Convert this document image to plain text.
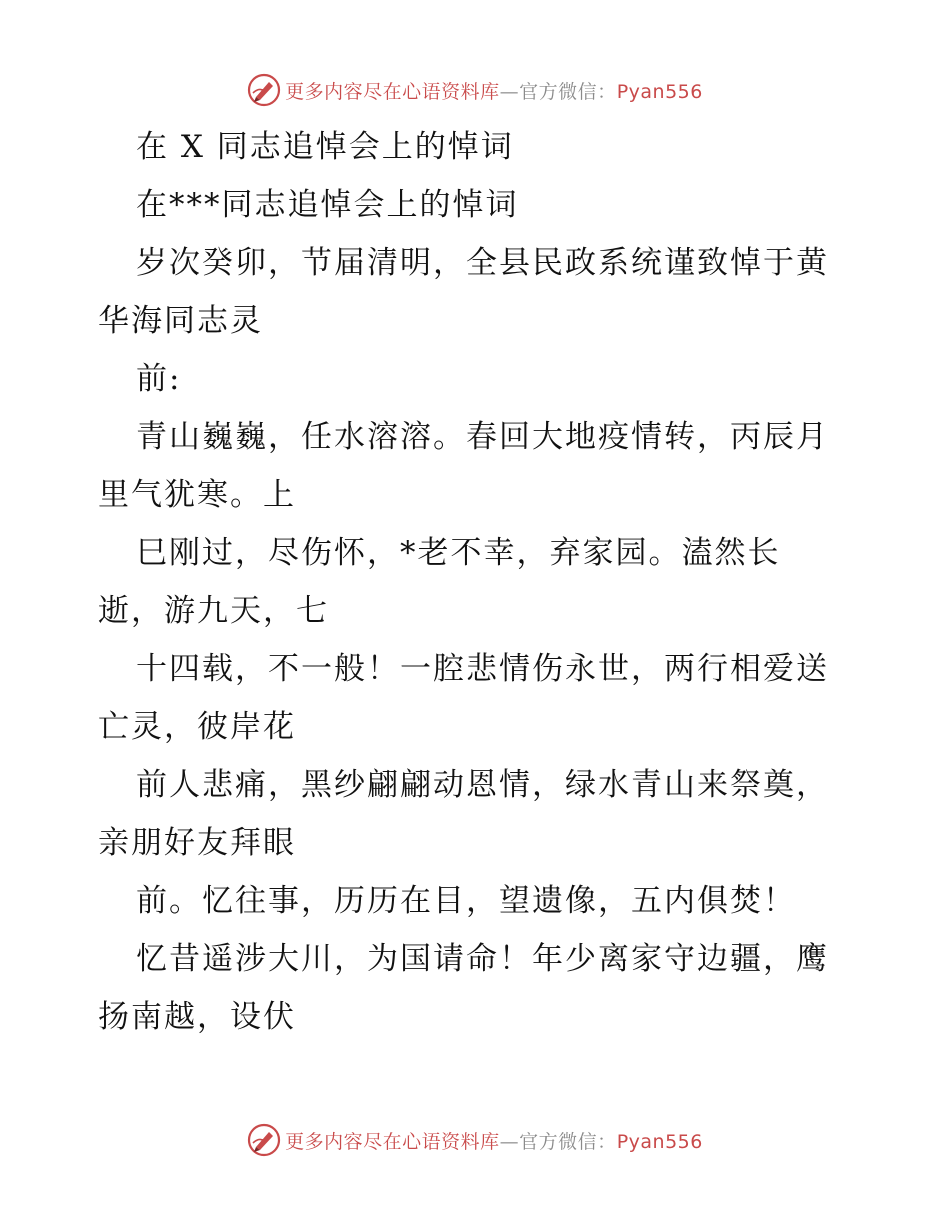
更多内容尽在心语资料库—官方微信：Pyan556
在 X 同志追悼会上的悼词
在***同志追悼会上的悼词
岁次癸卯，节届清明，全县民政系统谨致悼于黄
华海同志灵
前:
青山巍巍，任水溶溶。春回大地疫情转，丙辰月
里气犹寒。上
巳刚过，尽伤怀，*老不幸，弃家园。溘然长
逝，游九天，七
十四载，不一般！一腔悲情伤永世，两行相爱送
亡灵，彼岸花
前人悲痛，黑纱翩翩动恩情，绿水青山来祭奠，
亲朋好友拜眼
前。忆往事，历历在目，望遗像，五内俱焚！
忆昔遥涉大川，为国请命！年少离家守边疆，鹰
扬南越，设伏
更多内容尽在心语资料库—官方微信：Pyan556
